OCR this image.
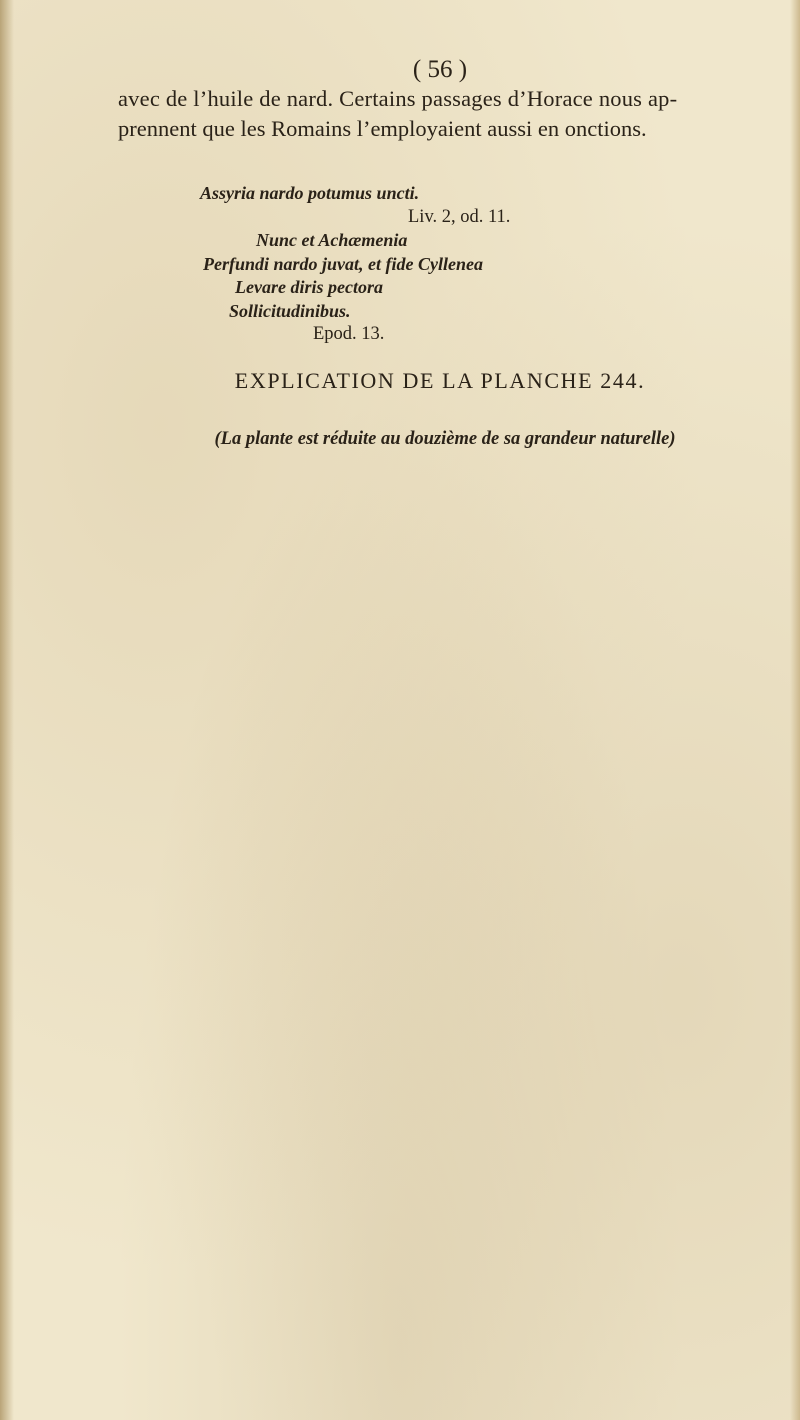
( 56 )
avec de l’huile de nard. Certains passages d’Horace nous ap-
prennent que les Romains l’employaient aussi en onctions.
Assyria nardo potumus uncti.
Liv. 2, od. 11.
Nunc et Achæmenia
Perfundi nardo juvat, et fide Cyllenea
Levare diris pectora
Sollicitudinibus.
Epod. 13.
EXPLICATION DE LA PLANCHE 244.
(La plante est réduite au douzième de sa grandeur naturelle)
